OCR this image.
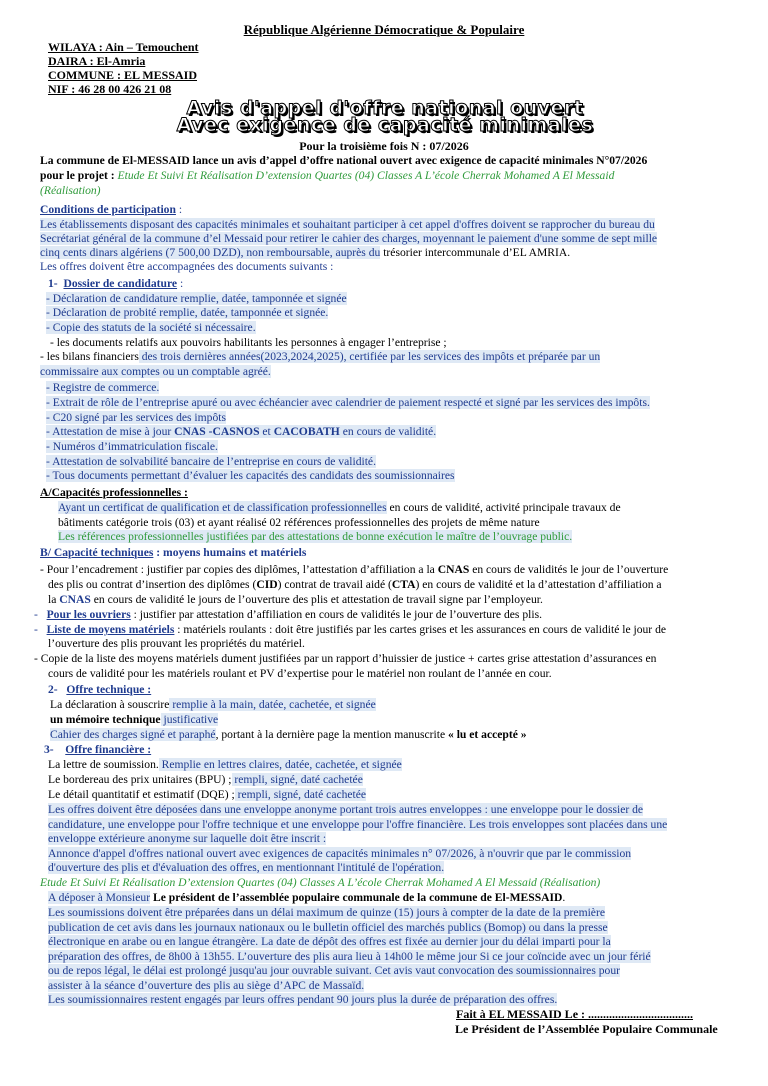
République Algérienne Démocratique & Populaire
WILAYA : Ain – Temouchent
DAIRA : El-Amria
COMMUNE : EL MESSAID
NIF : 46 28 00 426 21 08
Avis d'appel d'offre national ouvert
Avec exigence de capacité minimales
Pour la troisième fois N : 07/2026
La commune de El-MESSAID lance un avis d’appel d’offre national ouvert avec exigence de capacité minimales N°07/2026
pour le projet : Etude Et Suivi Et Réalisation D’extension Quartes (04) Classes A L’école Cherrak Mohamed A El Messaid
(Réalisation)
Conditions de participation :
Les établissements disposant des capacités minimales et souhaitant participer à cet appel d'offres doivent se rapprocher du bureau du
Secrétariat général de la commune d’el Messaid pour retirer le cahier des charges, moyennant le paiement d'une somme de sept mille
cinq cents dinars algériens (7 500,00 DZD), non remboursable, auprès du trésorier intercommunale d’EL AMRIA.
Les offres doivent être accompagnées des documents suivants :
1- Dossier de candidature :
- Déclaration de candidature remplie, datée, tamponnée et signée
- Déclaration de probité remplie, datée, tamponnée et signée.
- Copie des statuts de la société si nécessaire.
- les documents relatifs aux pouvoirs habilitants les personnes à engager l’entreprise ;
- les bilans financiers des trois dernières années(2023,2024,2025), certifiée par les services des impôts et préparée par un
commissaire aux comptes ou un comptable agréé.
- Registre de commerce.
- Extrait de rôle de l’entreprise apuré ou avec échéancier avec calendrier de paiement respecté et signé par les services des impôts.
- C20 signé par les services des impôts
- Attestation de mise à jour CNAS -CASNOS et CACOBATH en cours de validité.
- Numéros d’immatriculation fiscale.
- Attestation de solvabilité bancaire de l’entreprise en cours de validité.
- Tous documents permettant d’évaluer les capacités des candidats des soumissionnaires
A/Capacités professionnelles :
Ayant un certificat de qualification et de classification professionnelles en cours de validité, activité principale travaux de
bâtiments catégorie trois (03) et ayant réalisé 02 références professionnelles des projets de même nature
Les références professionnelles justifiées par des attestations de bonne exécution le maître de l’ouvrage public.
B/ Capacité techniques : moyens humains et matériels
- Pour l’encadrement : justifier par copies des diplômes, l’attestation d’affiliation a la CNAS en cours de validités le jour de l’ouverture
des plis ou contrat d’insertion des diplômes (CID) contrat de travail aidé (CTA) en cours de validité et la d’attestation d’affiliation a
la CNAS en cours de validité le jours de l’ouverture des plis et attestation de travail signe par l’employeur.
- Pour les ouvriers : justifier par attestation d’affiliation en cours de validités le jour de l’ouverture des plis.
- Liste de moyens matériels : matériels roulants : doit être justifiés par les cartes grises et les assurances en cours de validité le jour de
l’ouverture des plis prouvant les propriétés du matériel.
- Copie de la liste des moyens matériels dument justifiées par un rapport d’huissier de justice + cartes grise attestation d’assurances en
cours de validité pour les matériels roulant et PV d’expertise pour le matériel non roulant de l’année en cour.
2- Offre technique :
La déclaration à souscrire remplie à la main, datée, cachetée, et signée
un mémoire technique justificative
Cahier des charges signé et paraphé, portant à la dernière page la mention manuscrite « lu et accepté »
3- Offre financière :
La lettre de soumission. Remplie en lettres claires, datée, cachetée, et signée
Le bordereau des prix unitaires (BPU) ; rempli, signé, daté cachetée
Le détail quantitatif et estimatif (DQE) ; rempli, signé, daté cachetée
Les offres doivent être déposées dans une enveloppe anonyme portant trois autres enveloppes : une enveloppe pour le dossier de
candidature, une enveloppe pour l'offre technique et une enveloppe pour l'offre financière. Les trois enveloppes sont placées dans une
enveloppe extérieure anonyme sur laquelle doit être inscrit :
Annonce d'appel d'offres national ouvert avec exigences de capacités minimales n° 07/2026, à n'ouvrir que par le commission
d'ouverture des plis et d'évaluation des offres, en mentionnant l'intitulé de l'opération.
Etude Et Suivi Et Réalisation D’extension Quartes (04) Classes A L’école Cherrak Mohamed A El Messaid (Réalisation)
A déposer à Monsieur Le président de l’assemblée populaire communale de la commune de El-MESSAID.
Les soumissions doivent être préparées dans un délai maximum de quinze (15) jours à compter de la date de la première
publication de cet avis dans les journaux nationaux ou le bulletin officiel des marchés publics (Bomop) ou dans la presse
électronique en arabe ou en langue étrangère. La date de dépôt des offres est fixée au dernier jour du délai imparti pour la
préparation des offres, de 8h00 à 13h55. L’ouverture des plis aura lieu à 14h00 le même jour Si ce jour coïncide avec un jour férié
ou de repos légal, le délai est prolongé jusqu'au jour ouvrable suivant. Cet avis vaut convocation des soumissionnaires pour
assister à la séance d’ouverture des plis au siège d’APC de Massaïd.
Les soumissionnaires restent engagés par leurs offres pendant 90 jours plus la durée de préparation des offres.
Fait à EL MESSAID Le : ...................................
Le Président de l’Assemblée Populaire Communale
